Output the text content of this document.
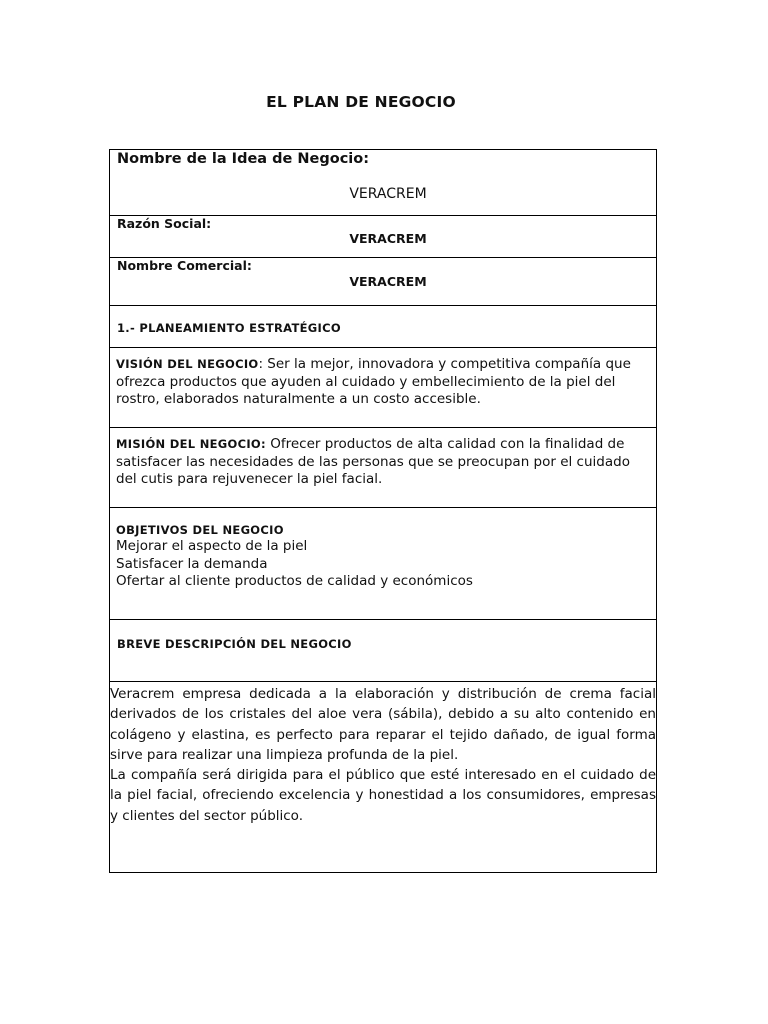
EL PLAN DE NEGOCIO
Nombre de la Idea de Negocio:
VERACREM
Razón Social:
VERACREM
Nombre Comercial:
VERACREM
1.- PLANEAMIENTO ESTRATÉGICO
VISIÓN DEL NEGOCIO: Ser la mejor, innovadora y competitiva compañía que ofrezca productos que ayuden al cuidado y embellecimiento de la piel del rostro, elaborados naturalmente a un costo accesible.
MISIÓN DEL NEGOCIO: Ofrecer productos de alta calidad con la finalidad de satisfacer las necesidades de las personas que se preocupan por el cuidado del cutis para rejuvenecer la piel facial.
OBJETIVOS DEL NEGOCIO
Mejorar el aspecto de la piel
Satisfacer la demanda
Ofertar al cliente productos de calidad y económicos
BREVE DESCRIPCIÓN DEL NEGOCIO

Veracrem empresa dedicada a la elaboración y distribución de crema facial derivados de los cristales del aloe vera (sábila), debido a su alto contenido en colágeno y elastina, es perfecto para reparar el tejido dañado, de igual forma sirve para realizar una limpieza profunda de la piel.

La compañía será dirigida para el público que esté interesado en el cuidado de la piel facial, ofreciendo excelencia y honestidad a los consumidores, empresas y clientes del sector público.
